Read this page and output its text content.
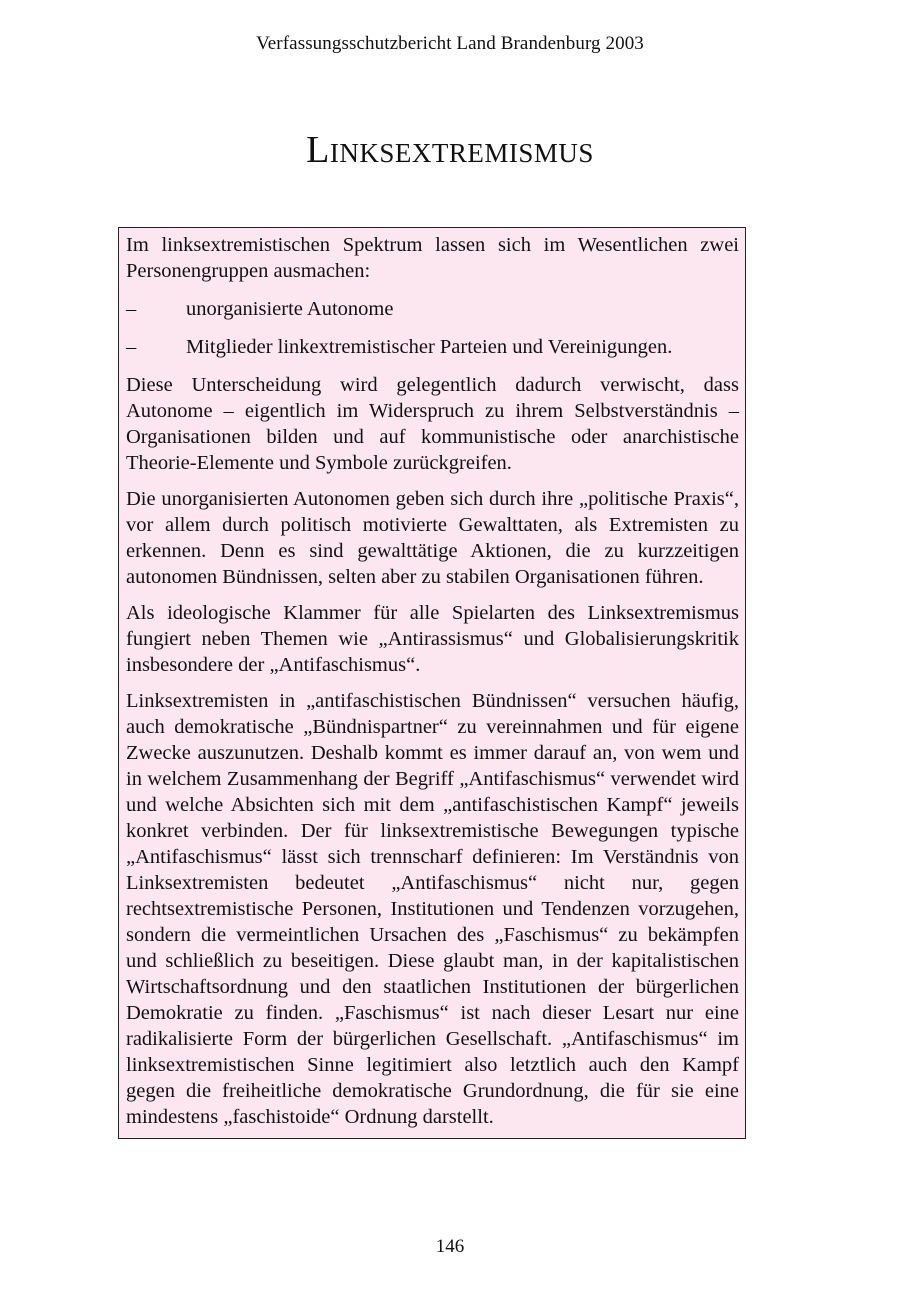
Verfassungsschutzbericht Land Brandenburg 2003
Linksextremismus

Im linksextremistischen Spektrum lassen sich im Wesentlichen zwei Personengruppen ausmachen:

–	unorganisierte Autonome
–	Mitglieder linkextremistischer Parteien und Vereinigungen.

Diese Unterscheidung wird gelegentlich dadurch verwischt, dass Autonome – eigentlich im Widerspruch zu ihrem Selbstverständnis – Organisationen bilden und auf kommunistische oder anarchistische Theorie-Elemente und Symbole zurückgreifen.

Die unorganisierten Autonomen geben sich durch ihre „politische Praxis“, vor allem durch politisch motivierte Gewalttaten, als Extremisten zu erkennen. Denn es sind gewalttätige Aktionen, die zu kurzzeitigen autonomen Bündnissen, selten aber zu stabilen Organisationen führen.

Als ideologische Klammer für alle Spielarten des Linksextremismus fungiert neben Themen wie „Antirassismus“ und Globalisierungskritik insbesondere der „Antifaschismus“.

Linksextremisten in „antifaschistischen Bündnissen“ versuchen häufig, auch demokratische „Bündnispartner“ zu vereinnahmen und für eigene Zwecke auszunutzen. Deshalb kommt es immer darauf an, von wem und in welchem Zusammenhang der Begriff „Antifaschismus“ verwendet wird und welche Absichten sich mit dem „antifaschistischen Kampf“ jeweils konkret verbinden. Der für linksextremistische Bewegungen typische „Antifaschismus“ lässt sich trennscharf definieren: Im Verständnis von Linksextremisten bedeutet „Antifaschismus“ nicht nur, gegen rechtsextremistische Personen, Institutionen und Tendenzen vorzugehen, sondern die vermeintlichen Ursachen des „Faschismus“ zu bekämpfen und schließlich zu beseitigen. Diese glaubt man, in der kapitalistischen Wirtschaftsordnung und den staatlichen Institutionen der bürgerlichen Demokratie zu finden. „Faschismus“ ist nach dieser Lesart nur eine radikalisierte Form der bürgerlichen Gesellschaft. „Antifaschismus“ im linksextremistischen Sinne legitimiert also letztlich auch den Kampf gegen die freiheitliche demokratische Grundordnung, die für sie eine mindestens „faschistoide“ Ordnung darstellt.

146
